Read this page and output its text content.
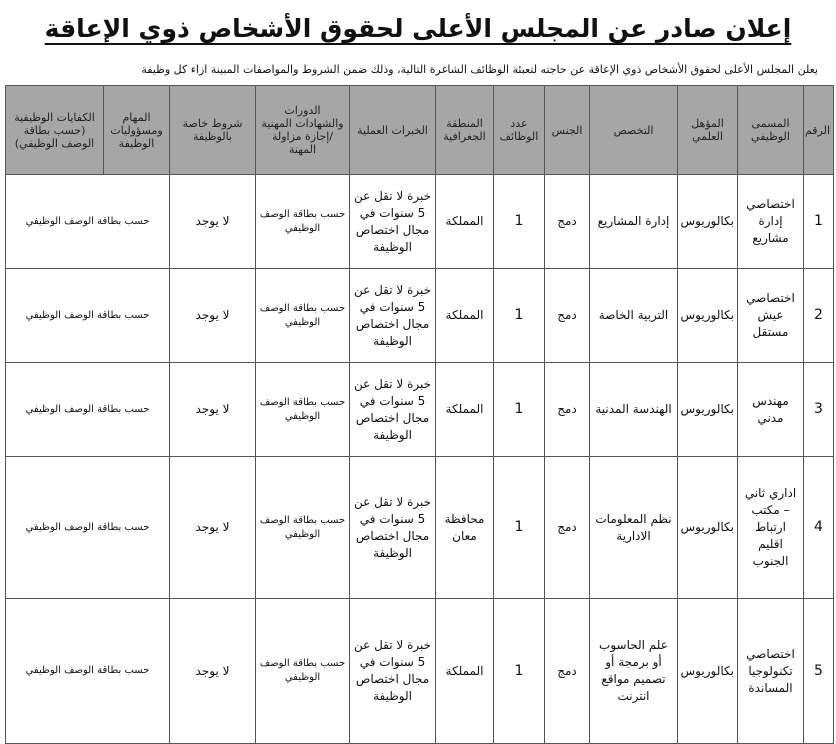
إعلان صادر عن المجلس الأعلى لحقوق الأشخاص ذوي الإعاقة

يعلن المجلس الأعلى لحقوق الأشخاص ذوي الإعاقة عن حاجته لتعبئة الوظائف الشاغرة التالية، وذلك ضمن الشروط والمواصفات المبينة ازاء كل وظيفة

الرقم	المسمى الوظيفي	المؤهل العلمي	التخصص	الجنس	عدد الوظائف	المنطقة الجغرافية	الخبرات العملية	الدورات والشهادات المهنية /إجازة مزاولة المهنة	شروط خاصة بالوظيفة	المهام ومسؤوليات الوظيفة	الكفايات الوظيفية (حسب بطاقة الوصف الوظيفي)
1	اختصاصي إدارة مشاريع	بكالوريوس	إدارة المشاريع	دمج	1	المملكة	خبرة لا تقل عن 5 سنوات في مجال اختصاص الوظيفة	حسب بطاقة الوصف الوظيفي	لا يوجد	حسب بطاقة الوصف الوظيفي	
2	اختصاصي عيش مستقل	بكالوريوس	التربية الخاصة	دمج	1	المملكة	خبرة لا تقل عن 5 سنوات في مجال اختصاص الوظيفة	حسب بطاقة الوصف الوظيفي	لا يوجد	حسب بطاقة الوصف الوظيفي	
3	مهندس مدني	بكالوريوس	الهندسة المدنية	دمج	1	المملكة	خبرة لا تقل عن 5 سنوات في مجال اختصاص الوظيفة	حسب بطاقة الوصف الوظيفي	لا يوجد	حسب بطاقة الوصف الوظيفي	
4	اداري ثاني – مكتب ارتباط اقليم الجنوب	بكالوريوس	نظم المعلومات الادارية	دمج	1	محافظة معان	خبرة لا تقل عن 5 سنوات في مجال اختصاص الوظيفة	حسب بطاقة الوصف الوظيفي	لا يوجد	حسب بطاقة الوصف الوظيفي	
5	اختصاصي تكنولوجيا المساندة	بكالوريوس	علم الحاسوب أو برمجة أو تصميم مواقع انترنت	دمج	1	المملكة	خبرة لا تقل عن 5 سنوات في مجال اختصاص الوظيفة	حسب بطاقة الوصف الوظيفي	لا يوجد	حسب بطاقة الوصف الوظيفي	
